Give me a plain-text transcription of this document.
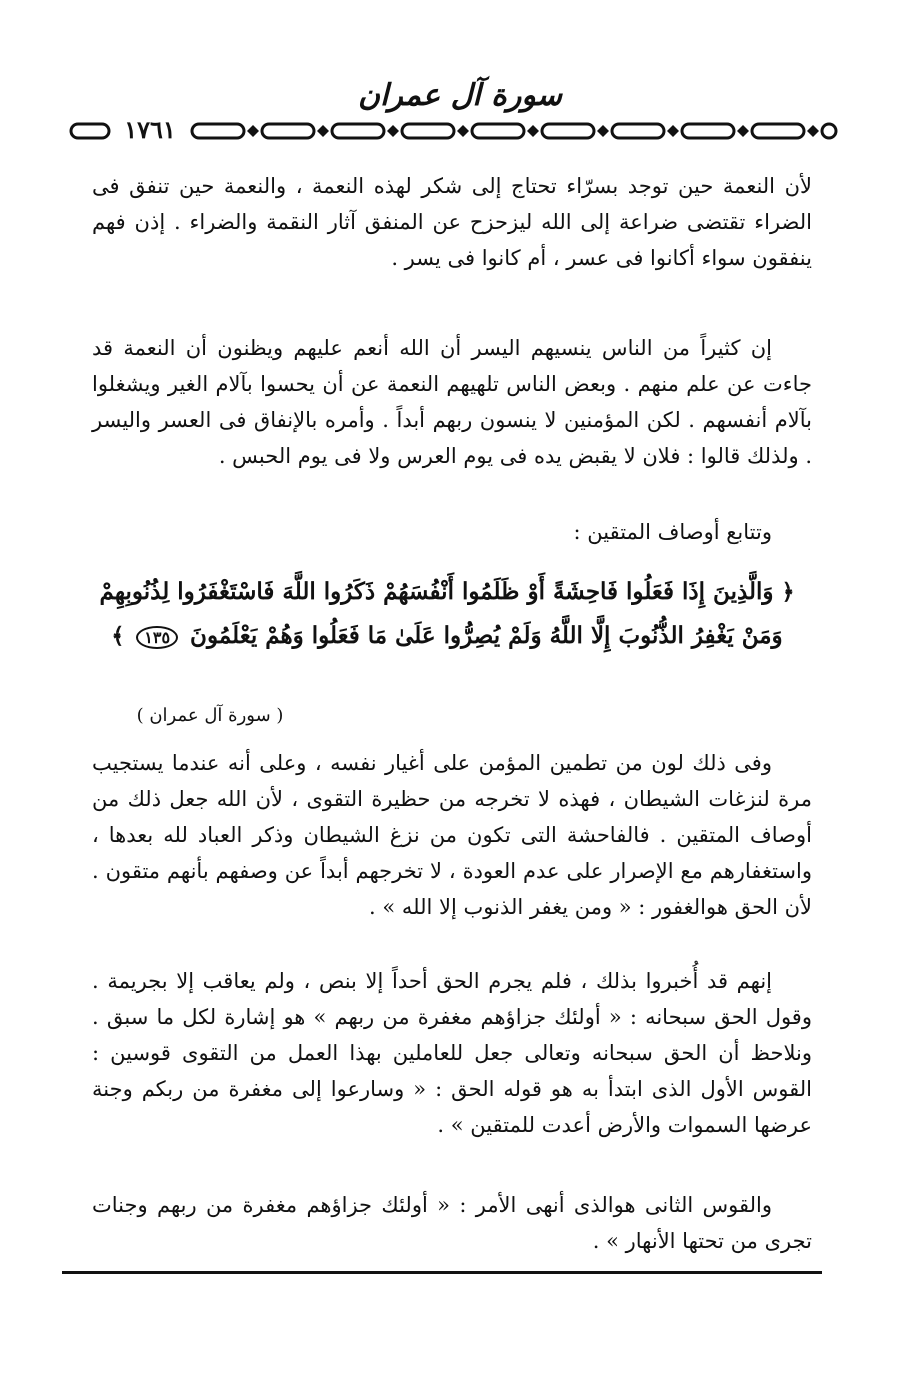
سورة آل عمران
١٧٦١

لأن النعمة حين توجد بسرّاء تحتاج إلى شكر لهذه النعمة ، والنعمة حين تنفق فى الضراء تقتضى ضراعة إلى الله ليزحزح عن المنفق آثار النقمة والضراء . إذن فهم ينفقون سواء أكانوا فى عسر ، أم كانوا فى يسر .

إن كثيراً من الناس ينسيهم اليسر أن الله أنعم عليهم ويظنون أن النعمة قد جاءت عن علم منهم . وبعض الناس تلهيهم النعمة عن أن يحسوا بآلام الغير ويشغلوا بآلام أنفسهم . لكن المؤمنين لا ينسون ربهم أبداً . وأمره بالإنفاق فى العسر واليسر . ولذلك قالوا : فلان لا يقبض يده فى يوم العرس ولا فى يوم الحبس .

وتتابع أوصاف المتقين :

﴿ وَالَّذِينَ إِذَا فَعَلُوا فَاحِشَةً أَوْ ظَلَمُوا أَنْفُسَهُمْ ذَكَرُوا اللَّهَ فَاسْتَغْفَرُوا لِذُنُوبِهِمْ
وَمَنْ يَغْفِرُ الذُّنُوبَ إِلَّا اللَّهُ وَلَمْ يُصِرُّوا عَلَىٰ مَا فَعَلُوا وَهُمْ يَعْلَمُونَ ١٣٥ ﴾
( سورة آل عمران )

وفى ذلك لون من تطمين المؤمن على أغيار نفسه ، وعلى أنه عندما يستجيب مرة لنزغات الشيطان ، فهذه لا تخرجه من حظيرة التقوى ، لأن الله جعل ذلك من أوصاف المتقين . فالفاحشة التى تكون من نزغ الشيطان وذكر العباد لله بعدها ، واستغفارهم مع الإصرار على عدم العودة ، لا تخرجهم أبداً عن وصفهم بأنهم متقون . لأن الحق هوالغفور : « ومن يغفر الذنوب إلا الله » .

إنهم قد أُخبروا بذلك ، فلم يجرم الحق أحداً إلا بنص ، ولم يعاقب إلا بجريمة . وقول الحق سبحانه : « أولئك جزاؤهم مغفرة من ربهم » هو إشارة لكل ما سبق . ونلاحظ أن الحق سبحانه وتعالى جعل للعاملين بهذا العمل من التقوى قوسين : القوس الأول الذى ابتدأ به هو قوله الحق : « وسارعوا إلى مغفرة من ربكم وجنة عرضها السموات والأرض أعدت للمتقين » .

والقوس الثانى هوالذى أنهى الأمر : « أولئك جزاؤهم مغفرة من ربهم وجنات تجرى من تحتها الأنهار » .
